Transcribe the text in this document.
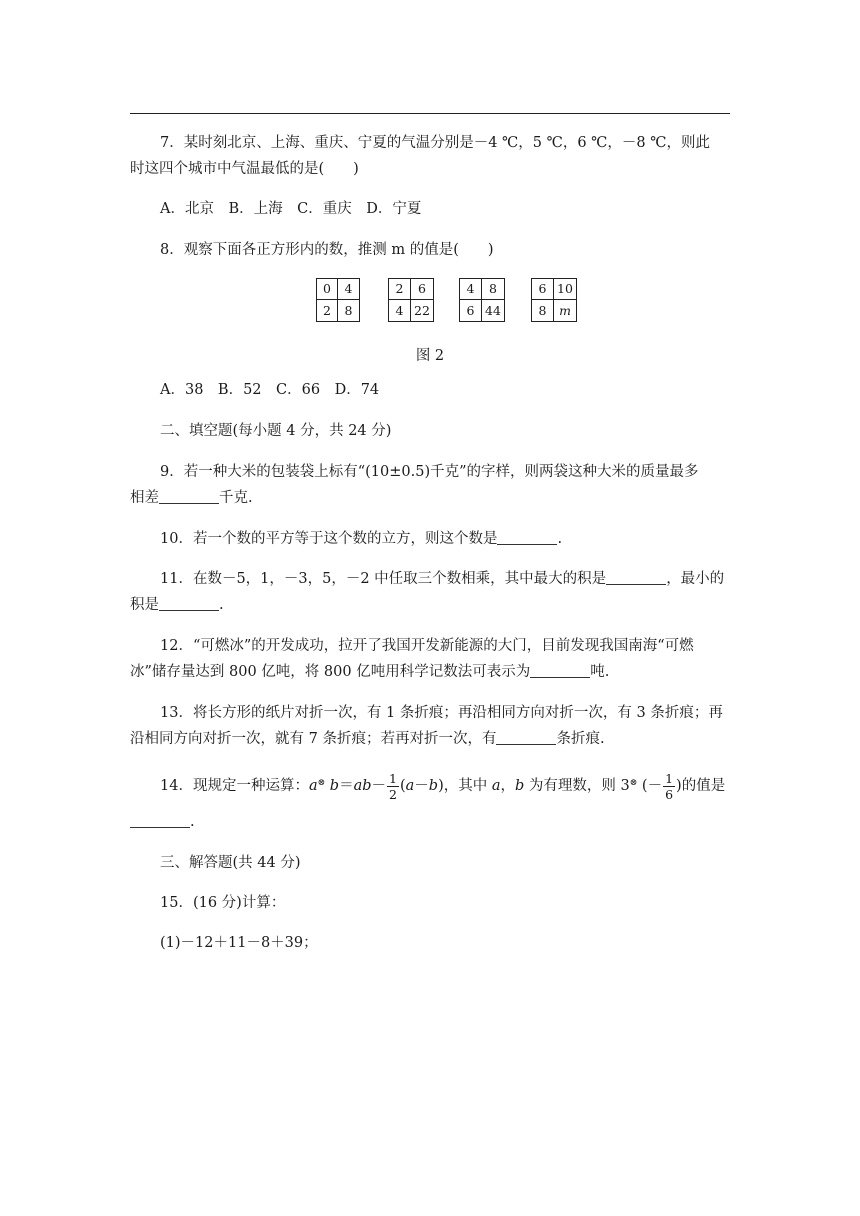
7．某时刻北京、上海、重庆、宁夏的气温分别是－4 ℃，5 ℃，6 ℃，－8 ℃，则此
时这四个城市中气温最低的是(　　)
A．北京　B．上海　C．重庆　D．宁夏
8．观察下面各正方形内的数，推测 m 的值是(　　)
0	4
2	8
2	6
4 22
4	8
6 44
6 10
8	m
图 2
A．38　B．52　C．66　D．74
二、填空题(每小题 4 分，共 24 分)
9．若一种大米的包装袋上标有“(10±0.5)千克”的字样，则两袋这种大米的质量最多
相差	千克.
10．若一个数的平方等于这个数的立方，则这个数是	.
11．在数－5，1，－3，5，－2 中任取三个数相乘，其中最大的积是	，最小的
积是	.
12．“可燃冰”的开发成功，拉开了我国开发新能源的大门，目前发现我国南海“可燃
冰”储存量达到 800 亿吨，将 800 亿吨用科学记数法可表示为	吨.
13．将长方形的纸片对折一次，有 1 条折痕；再沿相同方向对折一次，有 3 条折痕；再
沿相同方向对折一次，就有 7 条折痕；若再对折一次，有	条折痕.
14．现规定一种运算：a⊗ $b=ab- \frac{1}{2} (a-b)$，其中 a，b 为有理数，则 3⊗ (－ $\frac{1}{6}$ )的值是
.
三、解答题(共 44 分)
15．(16 分)计算：
(1)－12＋11－8＋39；
